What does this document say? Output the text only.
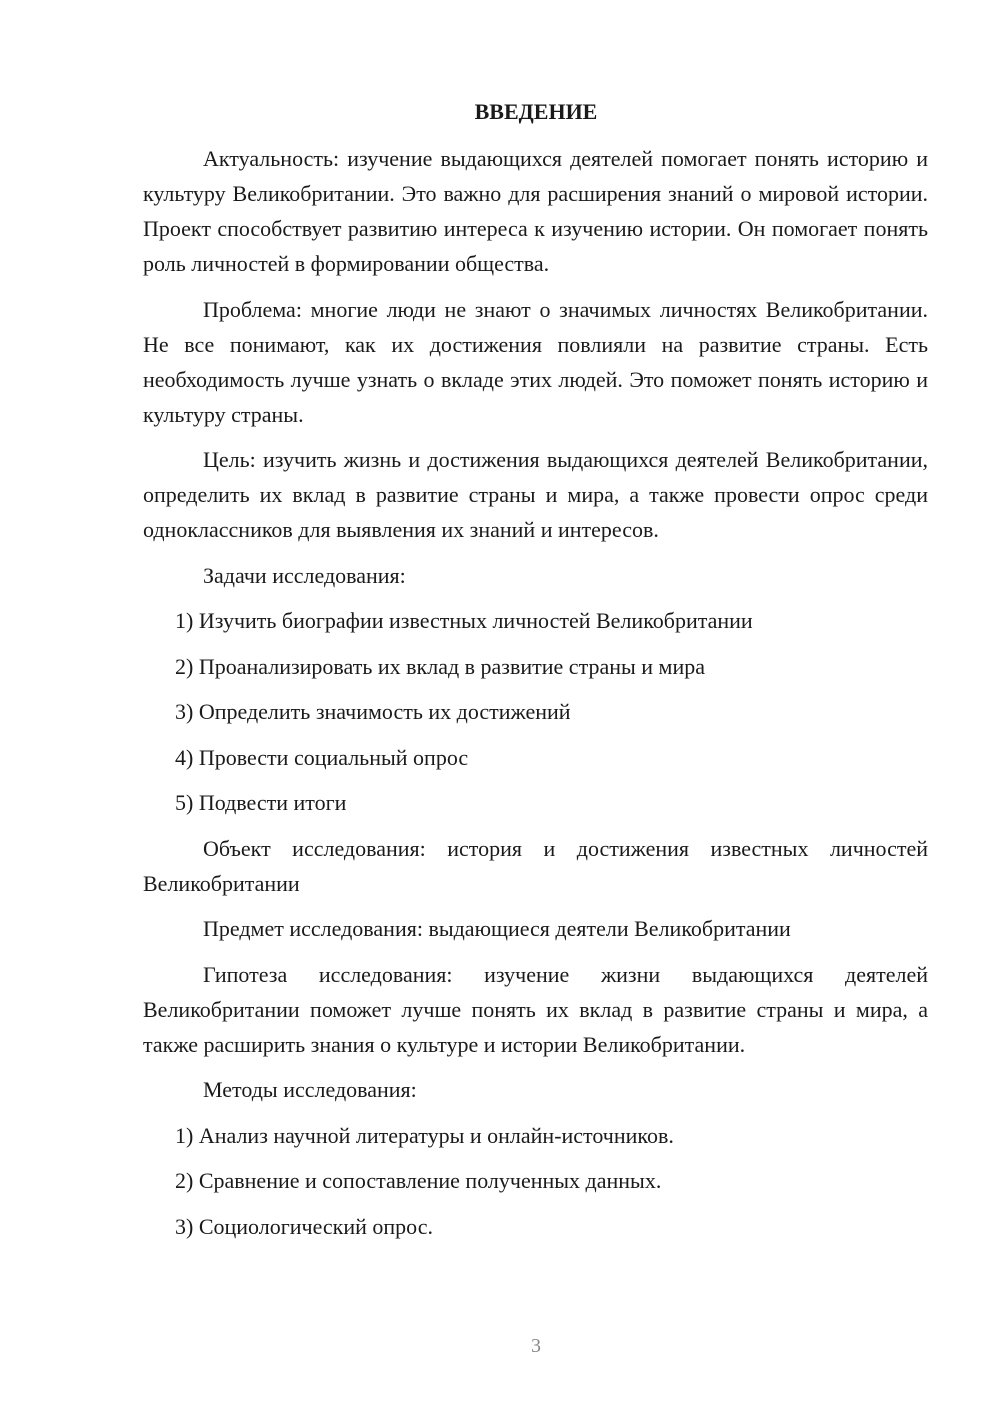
ВВЕДЕНИЕ

Актуальность: изучение выдающихся деятелей помогает понять историю и культуру Великобритании. Это важно для расширения знаний о мировой истории. Проект способствует развитию интереса к изучению истории. Он помогает понять роль личностей в формировании общества.

Проблема: многие люди не знают о значимых личностях Великобритании. Не все понимают, как их достижения повлияли на развитие страны. Есть необходимость лучше узнать о вкладе этих людей. Это поможет понять историю и культуру страны.

Цель: изучить жизнь и достижения выдающихся деятелей Великобритании, определить их вклад в развитие страны и мира, а также провести опрос среди одноклассников для выявления их знаний и интересов.

Задачи исследования:

1) Изучить биографии известных личностей Великобритании

2) Проанализировать их вклад в развитие страны и мира

3) Определить значимость их достижений

4) Провести социальный опрос

5) Подвести итоги

Объект исследования: история и достижения известных личностей Великобритании

Предмет исследования: выдающиеся деятели Великобритании

Гипотеза исследования: изучение жизни выдающихся деятелей Великобритании поможет лучше понять их вклад в развитие страны и мира, а также расширить знания о культуре и истории Великобритании.

Методы исследования:

1) Анализ научной литературы и онлайн-источников.

2) Сравнение и сопоставление полученных данных.

3) Социологический опрос.

3
